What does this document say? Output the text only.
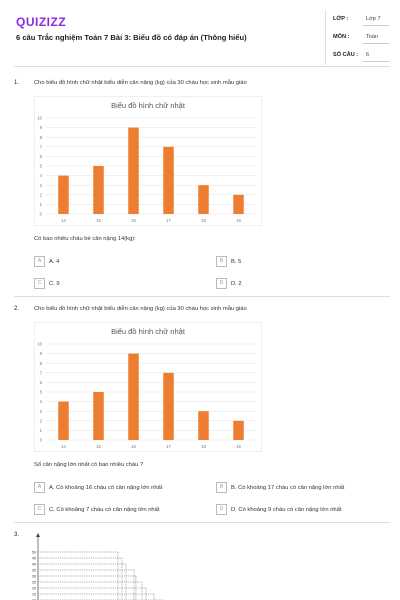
QUIZIZZ
6 câu Trắc nghiệm Toán 7 Bài 3: Biểu đồ có đáp án (Thông hiểu)
LỚP :	Lớp 7
MÔN :	Toán
SỐ CÂU : 6
1.	Cho biểu đồ hình chữ nhật biểu diễn cân nặng (kg) của 30 cháu học sinh mẫu giáo
Biểu đồ hình chữ nhật
0
1
2
3
4
5
6
7
8
9
10
14	15	16	17	18	19
Có bao nhiêu cháu bé cân nặng 14(kg):
A A. 4	B B. 5
C C. 9	D D. 2
2.	Cho biểu đồ hình chữ nhật biểu diễn cân nặng (kg) của 30 cháu học sinh mẫu giáo
Biểu đồ hình chữ nhật
0
1
2
3
4
5
6
7
8
9
10
14	15	16	17	18	19
Số cân nặng lớn nhất có bao nhiêu cháu ?
A A. Có khoảng 16 cháu có cân nặng lớn nhất	B B. Có khoảng 17 cháu có cân nặng lớn nhất
C C. Có khoảng 7 cháu có cân nặng lớn nhất	D D. Có khoảng 9 cháu có cân nặng lớn nhất
3.
50
45
40
35
30
25
20
15
